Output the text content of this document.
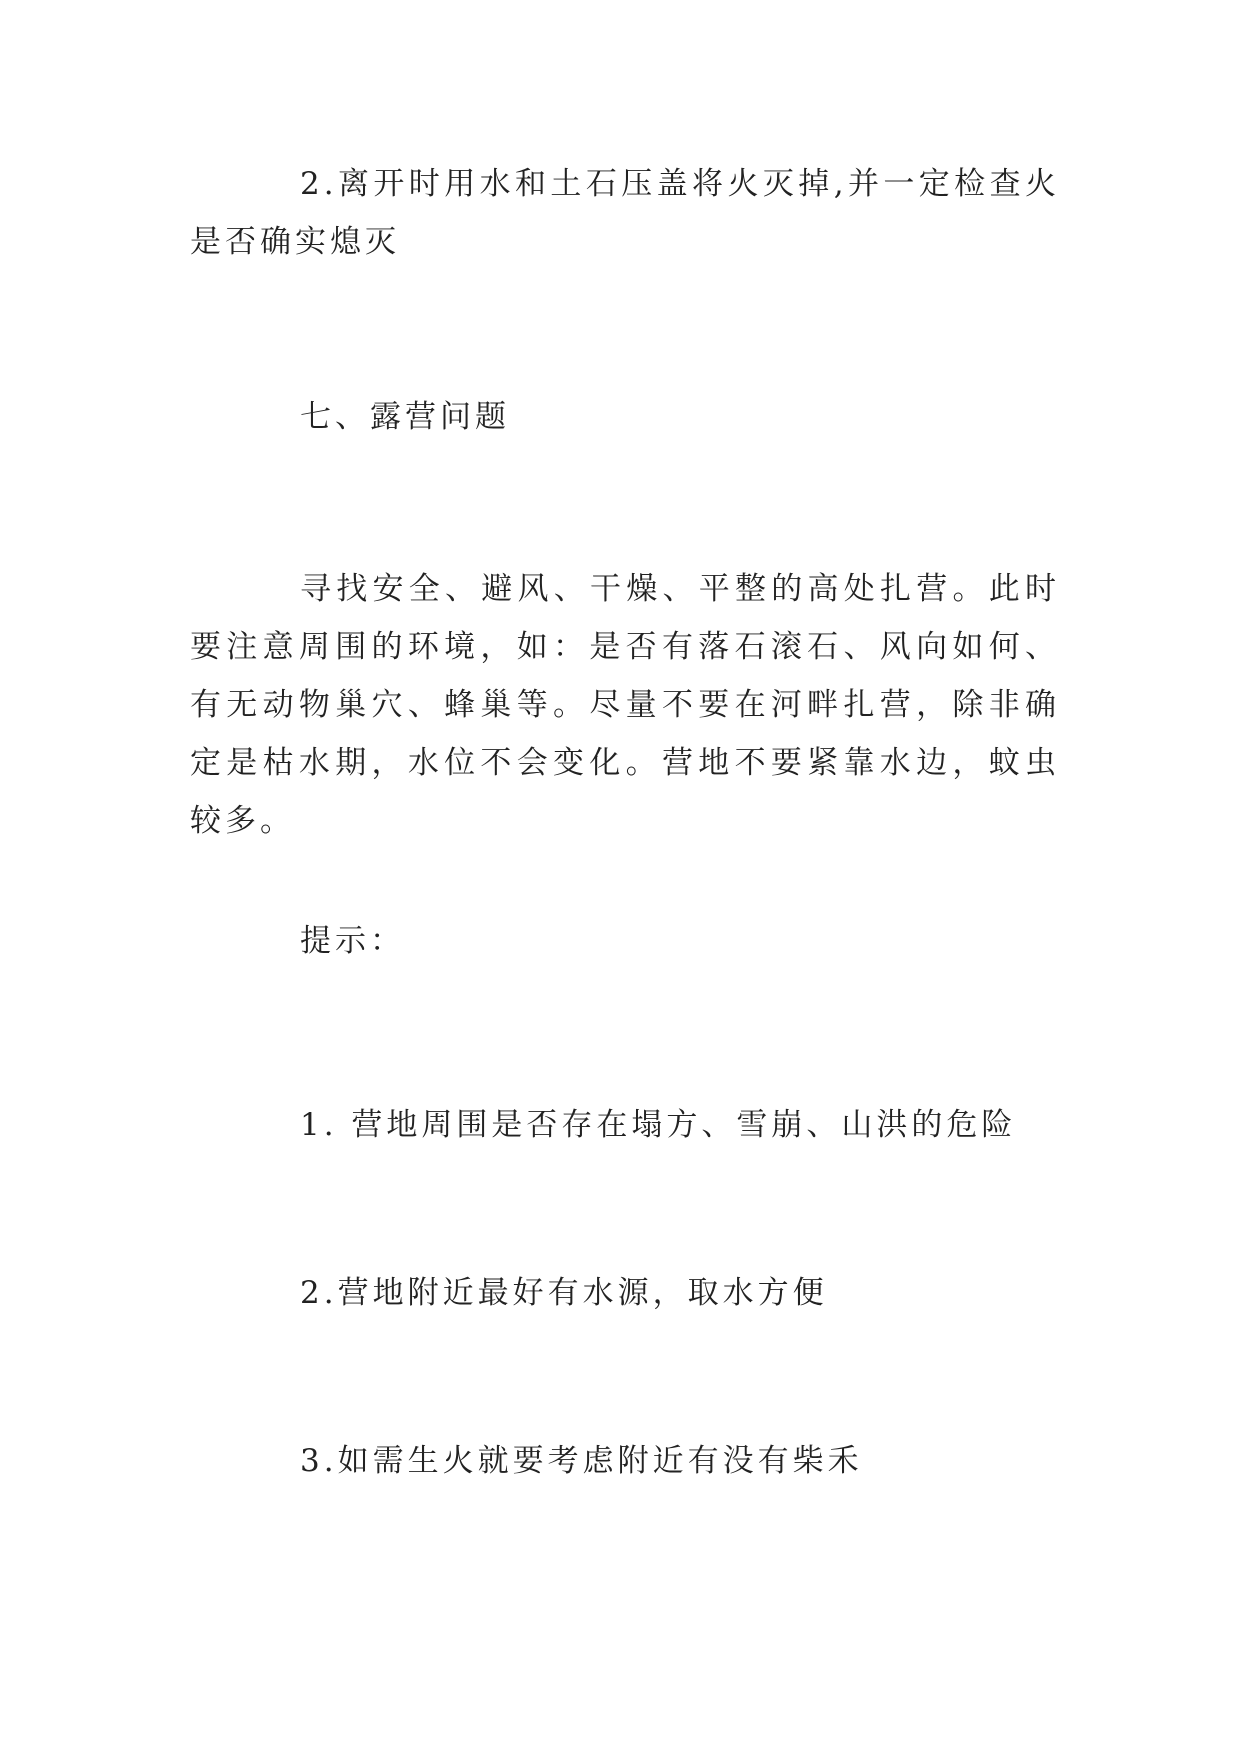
2.离开时用水和土石压盖将火灭掉,并一定检查火是否确实熄灭

七、露营问题

寻找安全、避风、干燥、平整的高处扎营。此时要注意周围的环境，如：是否有落石滚石、风向如何、有无动物巢穴、蜂巢等。尽量不要在河畔扎营，除非确定是枯水期，水位不会变化。营地不要紧靠水边，蚊虫较多。

提示：

1. 营地周围是否存在塌方、雪崩、山洪的危险

2.营地附近最好有水源，取水方便

3.如需生火就要考虑附近有没有柴禾
